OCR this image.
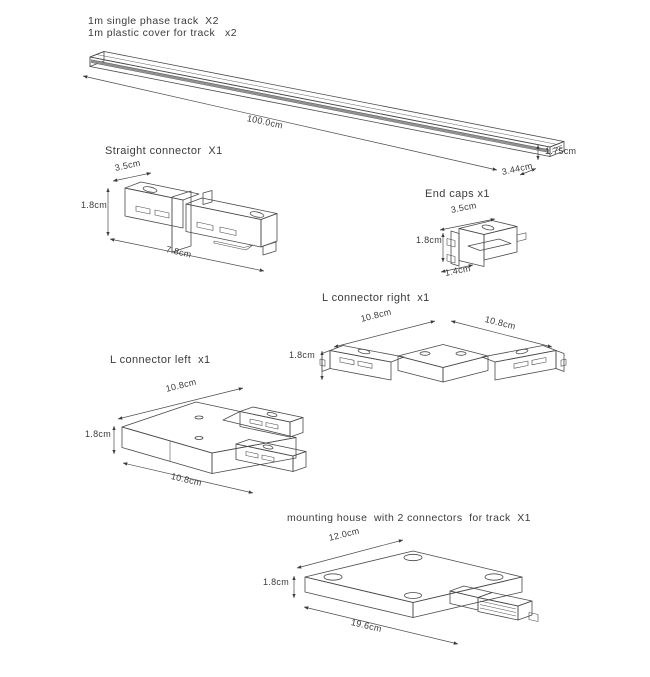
1m single phase track  X2
1m plastic cover for track   x2
100.0cm
1.75cm
3.44cm
Straight connector  X1
3.5cm
1.8cm
7.8cm
End caps x1
3.5cm
1.8cm
1.4cm
L connector right  x1
10.8cm	10.8cm
1.8cm
L connector left  x1
10.8cm
1.8cm
10.8cm
mounting house  with 2 connectors  for track  X1
12.0cm
1.8cm
19.6cm
